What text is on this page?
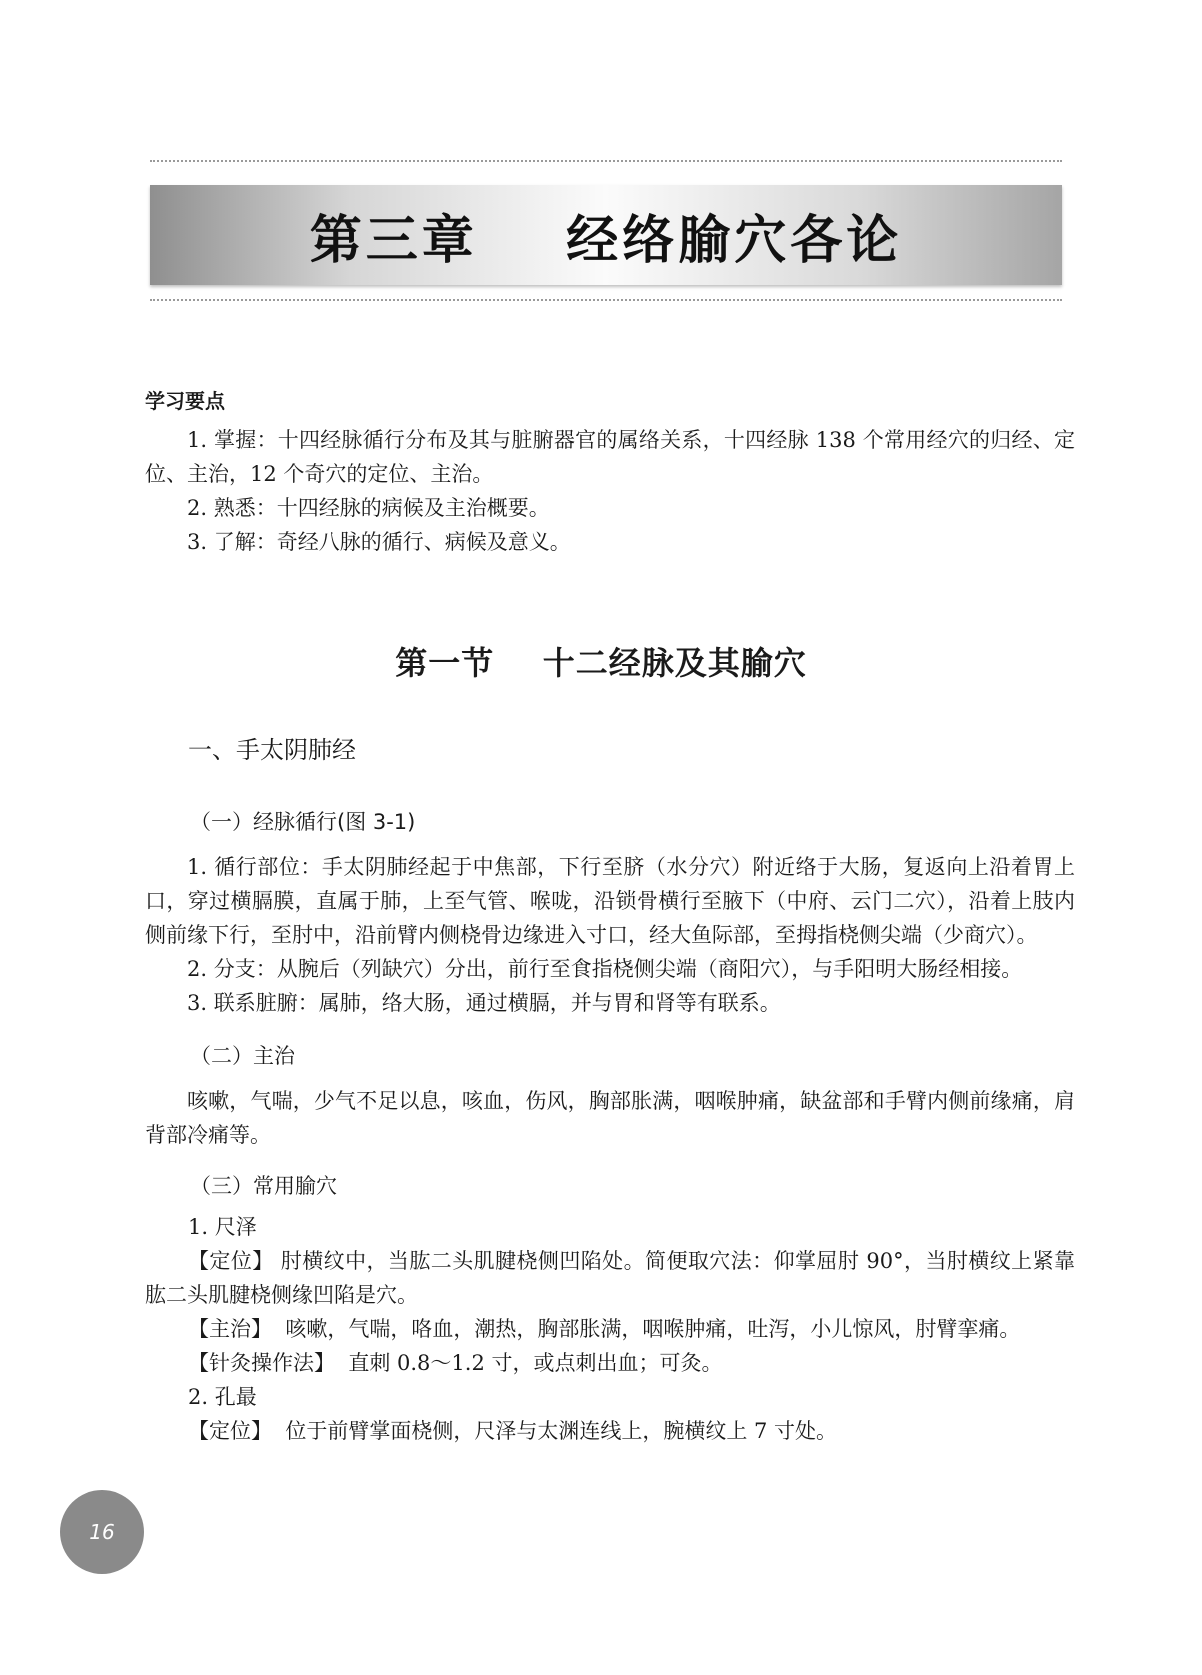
第三章    经络腧穴各论
学习要点
1. 掌握：十四经脉循行分布及其与脏腑器官的属络关系，十四经脉 138 个常用经穴的归经、定位、主治，12 个奇穴的定位、主治。
2. 熟悉：十四经脉的病候及主治概要。
3. 了解：奇经八脉的循行、病候及意义。
第一节    十二经脉及其腧穴
一、手太阴肺经
（一）经脉循行(图 3-1)
1. 循行部位：手太阴肺经起于中焦部，下行至脐（水分穴）附近络于大肠，复返向上沿着胃上口，穿过横膈膜，直属于肺，上至气管、喉咙，沿锁骨横行至腋下（中府、云门二穴），沿着上肢内侧前缘下行，至肘中，沿前臂内侧桡骨边缘进入寸口，经大鱼际部，至拇指桡侧尖端（少商穴）。
2. 分支：从腕后（列缺穴）分出，前行至食指桡侧尖端（商阳穴），与手阳明大肠经相接。
3. 联系脏腑：属肺，络大肠，通过横膈，并与胃和肾等有联系。
（二）主治
咳嗽，气喘，少气不足以息，咳血，伤风，胸部胀满，咽喉肿痛，缺盆部和手臂内侧前缘痛，肩背部冷痛等。
（三）常用腧穴
1. 尺泽
【定位】 肘横纹中，当肱二头肌腱桡侧凹陷处。简便取穴法：仰掌屈肘 90°，当肘横纹上紧靠肱二头肌腱桡侧缘凹陷是穴。
【主治】  咳嗽，气喘，咯血，潮热，胸部胀满，咽喉肿痛，吐泻，小儿惊风，肘臂挛痛。
【针灸操作法】  直刺 0.8～1.2 寸，或点刺出血；可灸。
2. 孔最
【定位】  位于前臂掌面桡侧，尺泽与太渊连线上，腕横纹上 7 寸处。
16
